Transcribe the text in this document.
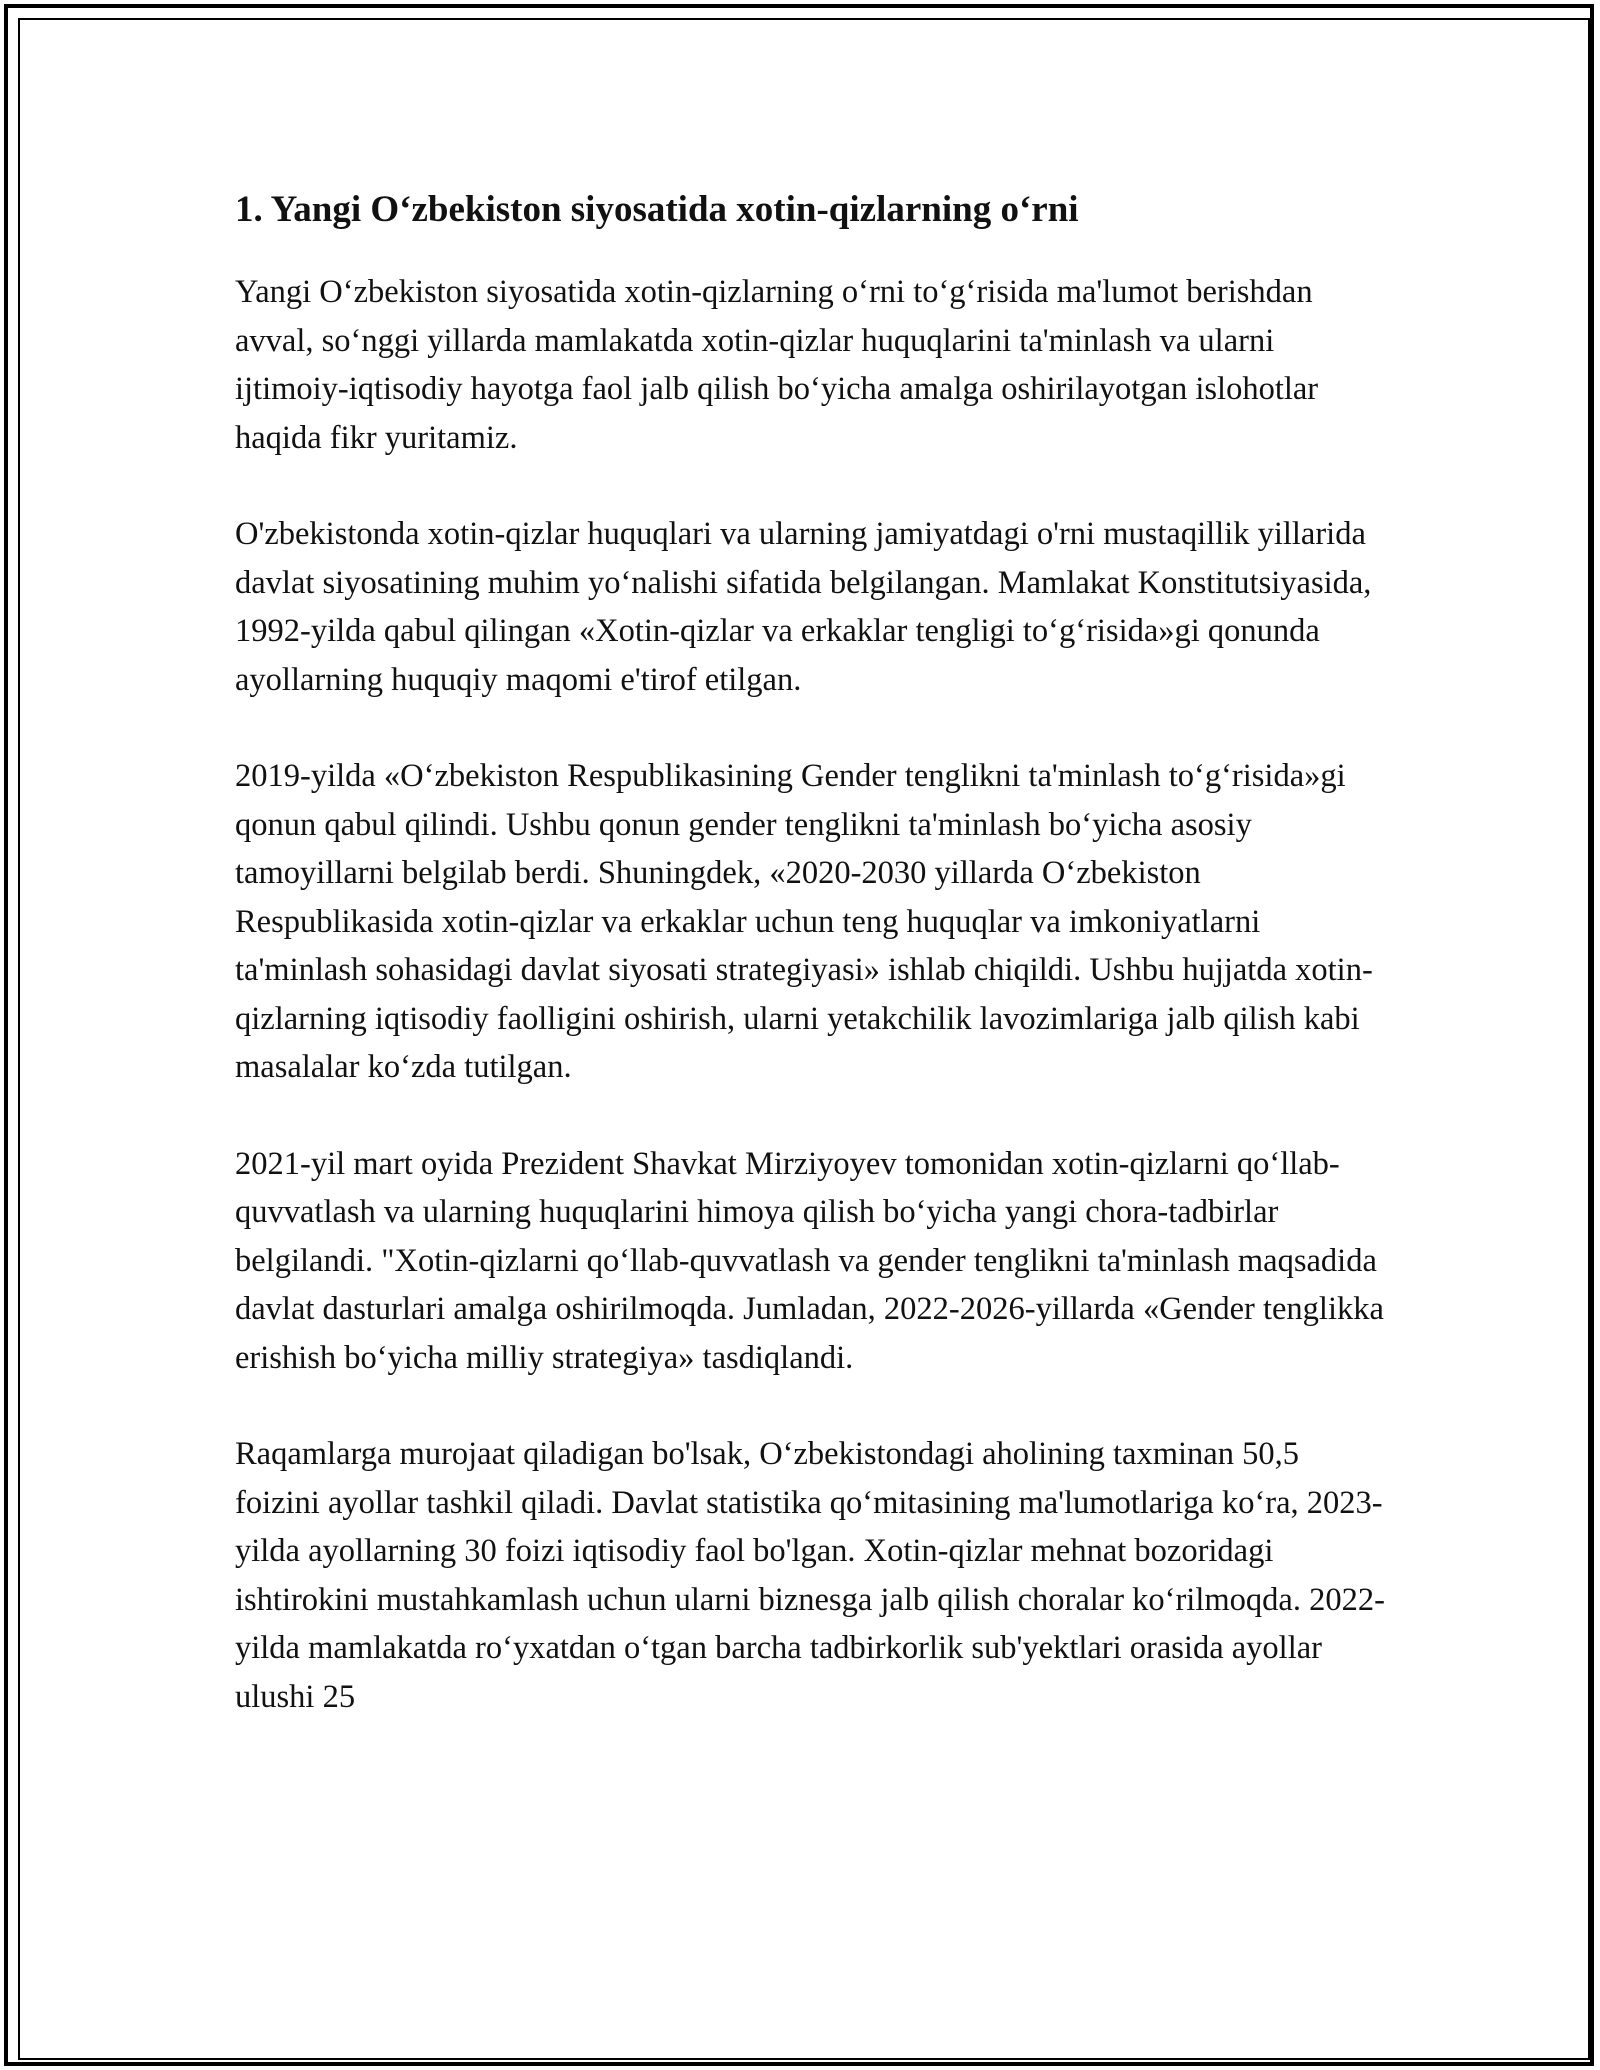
1. Yangi O‘zbekiston siyosatida xotin-qizlarning o‘rni

Yangi O‘zbekiston siyosatida xotin-qizlarning o‘rni to‘g‘risida ma'lumot berishdan avval, so‘nggi yillarda mamlakatda xotin-qizlar huquqlarini ta'minlash va ularni ijtimoiy-iqtisodiy hayotga faol jalb qilish bo‘yicha amalga oshirilayotgan islohotlar haqida fikr yuritamiz.

O'zbekistonda xotin-qizlar huquqlari va ularning jamiyatdagi o'rni mustaqillik yillarida davlat siyosatining muhim yo‘nalishi sifatida belgilangan. Mamlakat Konstitutsiyasida, 1992-yilda qabul qilingan «Xotin-qizlar va erkaklar tengligi to‘g‘risida»gi qonunda ayollarning huquqiy maqomi e'tirof etilgan.

2019-yilda «O‘zbekiston Respublikasining Gender tenglikni ta'minlash to‘g‘risida»gi qonun qabul qilindi. Ushbu qonun gender tenglikni ta'minlash bo‘yicha asosiy tamoyillarni belgilab berdi. Shuningdek, «2020-2030 yillarda O‘zbekiston Respublikasida xotin-qizlar va erkaklar uchun teng huquqlar va imkoniyatlarni ta'minlash sohasidagi davlat siyosati strategiyasi» ishlab chiqildi. Ushbu hujjatda xotin-qizlarning iqtisodiy faolligini oshirish, ularni yetakchilik lavozimlariga jalb qilish kabi masalalar ko‘zda tutilgan.

2021-yil mart oyida Prezident Shavkat Mirziyoyev tomonidan xotin-qizlarni qo‘llab-quvvatlash va ularning huquqlarini himoya qilish bo‘yicha yangi chora-tadbirlar belgilandi. "Xotin-qizlarni qo‘llab-quvvatlash va gender tenglikni ta'minlash maqsadida davlat dasturlari amalga oshirilmoqda. Jumladan, 2022-2026-yillarda «Gender tenglikka erishish bo‘yicha milliy strategiya» tasdiqlandi.

Raqamlarga murojaat qiladigan bo'lsak, O‘zbekistondagi aholining taxminan 50,5 foizini ayollar tashkil qiladi. Davlat statistika qo‘mitasining ma'lumotlariga ko‘ra, 2023-yilda ayollarning 30 foizi iqtisodiy faol bo'lgan. Xotin-qizlar mehnat bozoridagi ishtirokini mustahkamlash uchun ularni biznesga jalb qilish choralar ko‘rilmoqda. 2022-yilda mamlakatda ro‘yxatdan o‘tgan barcha tadbirkorlik sub'yektlari orasida ayollar ulushi 25
